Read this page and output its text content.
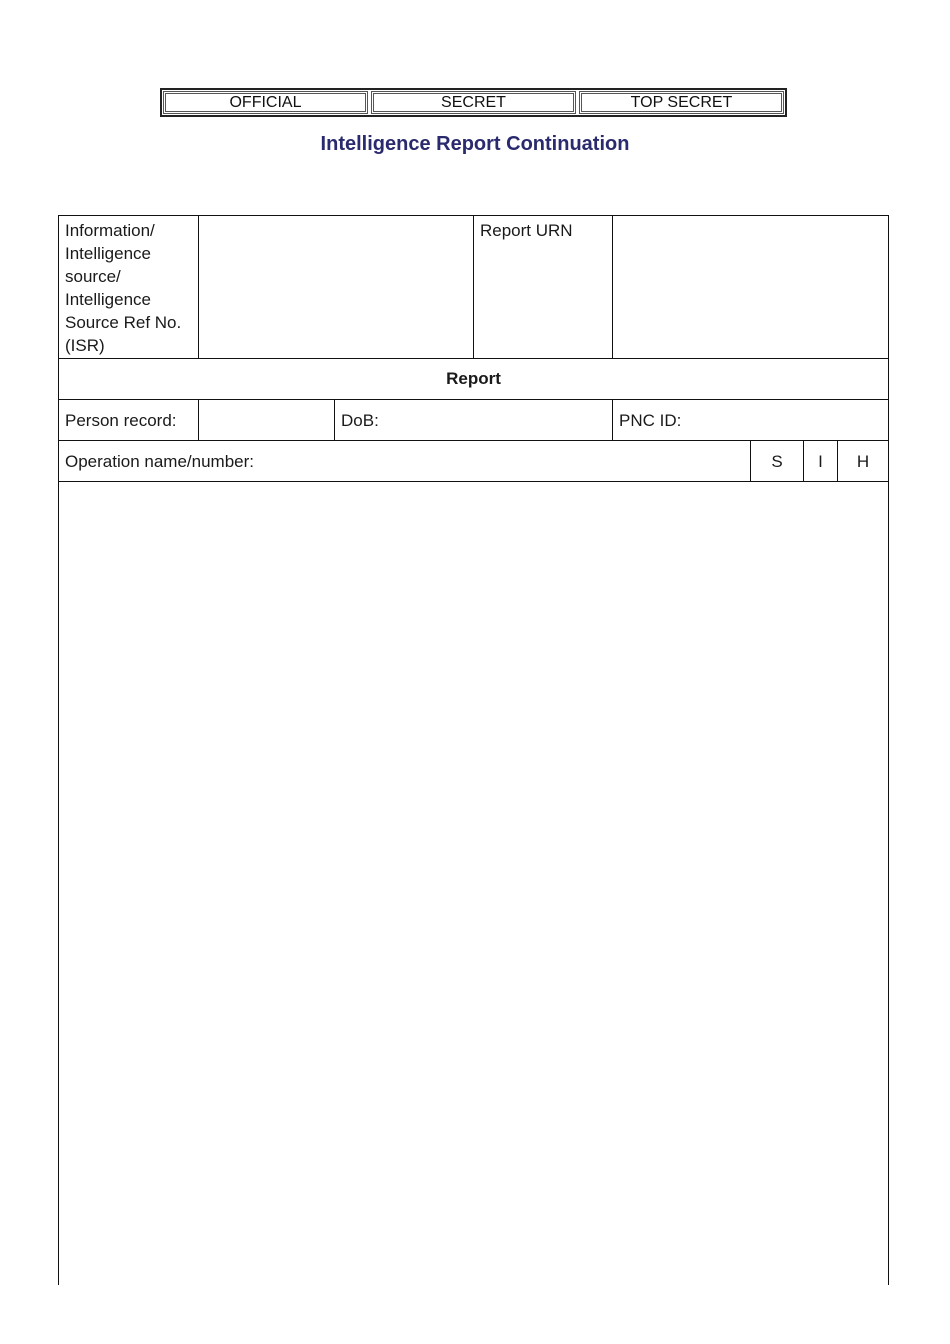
OFFICIAL	SECRET	TOP SECRET
Intelligence Report Continuation
Information/ Intelligence source/ Intelligence Source Ref No. (ISR)
Report URN
Report
Person record:	DoB:	PNC ID:
Operation name/number:	S	I	H
